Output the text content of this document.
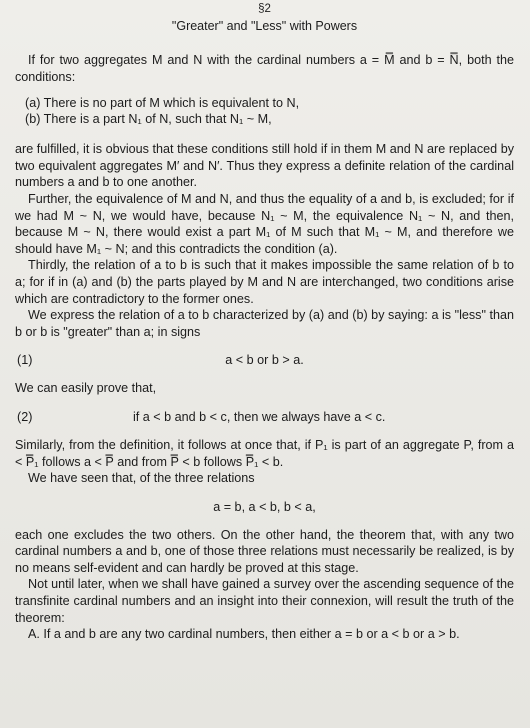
§2
"Greater" and "Less" with Powers

If for two aggregates M and N with the cardinal numbers a = M̿ and b = N̿, both the conditions:

(a) There is no part of M which is equivalent to N,
(b) There is a part N₁ of N, such that N₁ ~ M,

are fulfilled, it is obvious that these conditions still hold if in them M and N are replaced by two equivalent aggregates M′ and N′. Thus they express a definite relation of the cardinal numbers a and b to one another.

Further, the equivalence of M and N, and thus the equality of a and b, is excluded; for if we had M ~ N, we would have, because N₁ ~ M, the equivalence N₁ ~ N, and then, because M ~ N, there would exist a part M₁ of M such that M₁ ~ M, and therefore we should have M₁ ~ N; and this contradicts the condition (a).

Thirdly, the relation of a to b is such that it makes impossible the same relation of b to a; for if in (a) and (b) the parts played by M and N are interchanged, two conditions arise which are contradictory to the former ones.

We express the relation of a to b characterized by (a) and (b) by saying: a is "less" than b or b is "greater" than a; in signs

(1)	a < b or b > a.

We can easily prove that,

(2)	if a < b and b < c, then we always have a < c.

Similarly, from the definition, it follows at once that, if P₁ is part of an aggregate P, from a < P̿₁ follows a < P̿ and from P̿ < b follows P̿₁ < b.

We have seen that, of the three relations

a = b, a < b, b < a,

each one excludes the two others. On the other hand, the theorem that, with any two cardinal numbers a and b, one of those three relations must necessarily be realized, is by no means self-evident and can hardly be proved at this stage.

Not until later, when we shall have gained a survey over the ascending sequence of the transfinite cardinal numbers and an insight into their connexion, will result the truth of the theorem:

A. If a and b are any two cardinal numbers, then either a = b or a < b or a > b.
